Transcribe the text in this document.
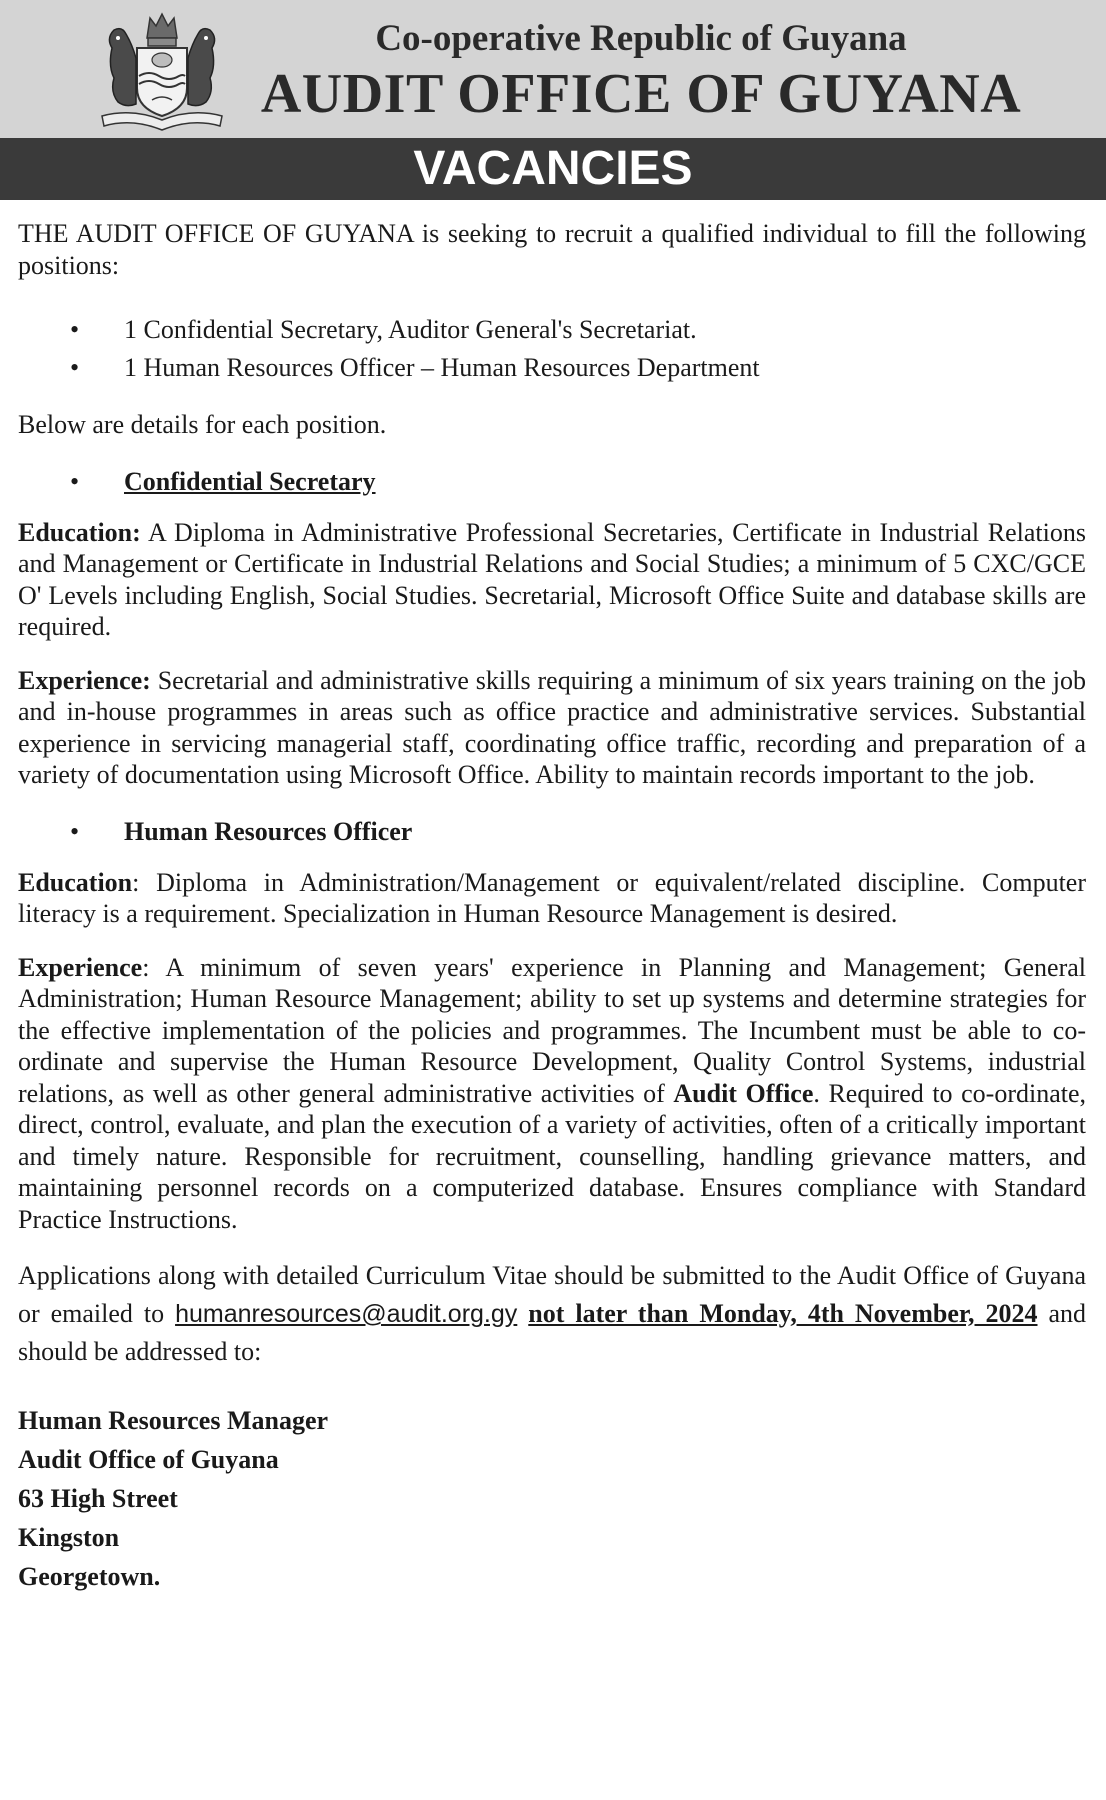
Co-operative Republic of Guyana
AUDIT OFFICE OF GUYANA
VACANCIES

THE AUDIT OFFICE OF GUYANA is seeking to recruit a qualified individual to fill the following positions:

• 1 Confidential Secretary, Auditor General's Secretariat.
• 1 Human Resources Officer – Human Resources Department

Below are details for each position.

• Confidential Secretary

Education: A Diploma in Administrative Professional Secretaries, Certificate in Industrial Relations and Management or Certificate in Industrial Relations and Social Studies; a minimum of 5 CXC/GCE O' Levels including English, Social Studies. Secretarial, Microsoft Office Suite and database skills are required.

Experience: Secretarial and administrative skills requiring a minimum of six years training on the job and in-house programmes in areas such as office practice and administrative services. Substantial experience in servicing managerial staff, coordinating office traffic, recording and preparation of a variety of documentation using Microsoft Office. Ability to maintain records important to the job.

• Human Resources Officer

Education: Diploma in Administration/Management or equivalent/related discipline. Computer literacy is a requirement. Specialization in Human Resource Management is desired.

Experience: A minimum of seven years' experience in Planning and Management; General Administration; Human Resource Management; ability to set up systems and determine strategies for the effective implementation of the policies and programmes. The Incumbent must be able to co-ordinate and supervise the Human Resource Development, Quality Control Systems, industrial relations, as well as other general administrative activities of Audit Office. Required to co-ordinate, direct, control, evaluate, and plan the execution of a variety of activities, often of a critically important and timely nature. Responsible for recruitment, counselling, handling grievance matters, and maintaining personnel records on a computerized database. Ensures compliance with Standard Practice Instructions.

Applications along with detailed Curriculum Vitae should be submitted to the Audit Office of Guyana or emailed to humanresources@audit.org.gy not later than Monday, 4th November, 2024 and should be addressed to:

Human Resources Manager
Audit Office of Guyana
63 High Street
Kingston
Georgetown.
